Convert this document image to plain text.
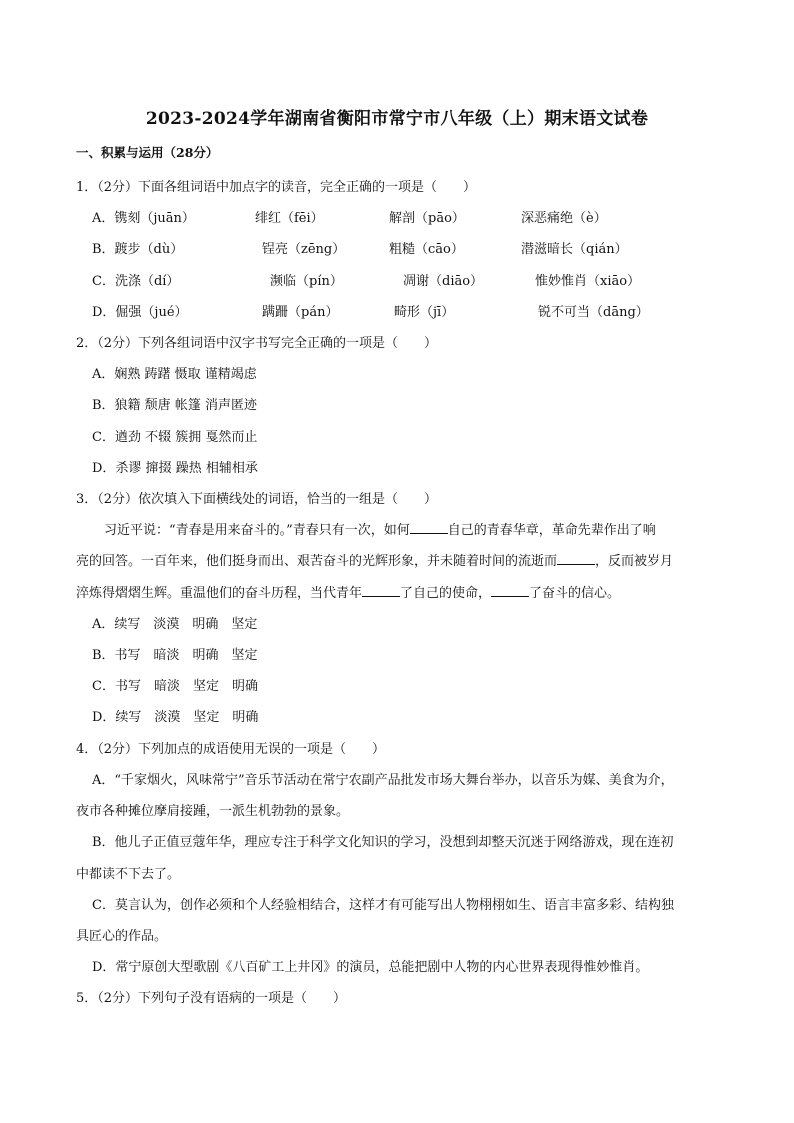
2023-2024学年湖南省衡阳市常宁市八年级（上）期末语文试卷
一、积累与运用（28分）
1．（2分）下面各组词语中加点字的读音，完全正确的一项是（　　）
A．镌刻（juān）	绯红（fēi）	解剖（pāo）	深恶痛绝（è）
B．踱步（dù）	锃亮（zēng）	粗糙（cāo）	潜滋暗长（qián）
C．洗涤（dí）	濒临（pín）	凋谢（diāo）	惟妙惟肖（xiāo）
D．倔强（jué）	蹒跚（pán）	畸形（jī）	锐不可当（dāng）
2．（2分）下列各组词语中汉字书写完全正确的一项是（　　）
A．娴熟 踌躇 慑取 谨精竭虑
B．狼籍 颓唐 帐篷 消声匿迹
C．遒劲 不辍 簇拥 戛然而止
D．杀谬 撺掇 躁热 相辅相承
3．（2分）依次填入下面横线处的词语，恰当的一组是（　　）
习近平说：“青春是用来奋斗的。”青春只有一次，如何	自己的青春华章，革命先辈作出了响
亮的回答。一百年来，他们挺身而出、艰苦奋斗的光辉形象，并未随着时间的流逝而	，反而被岁月
淬炼得熠熠生辉。重温他们的奋斗历程，当代青年	了自己的使命，	了奋斗的信心。
A．续写　淡漠　明确　坚定
B．书写　暗淡　明确　坚定
C．书写　暗淡　坚定　明确
D．续写　淡漠　坚定　明确
4．（2分）下列加点的成语使用无误的一项是（　　）
A．“千家烟火，风味常宁”音乐节活动在常宁农副产品批发市场大舞台举办，以音乐为媒、美食为介，
夜市各种摊位摩肩接踵，一派生机勃勃的景象。
B．他儿子正值豆蔻年华，理应专注于科学文化知识的学习，没想到却整天沉迷于网络游戏，现在连初
中都读不下去了。
C．莫言认为，创作必须和个人经验相结合，这样才有可能写出人物栩栩如生、语言丰富多彩、结构独
具匠心的作品。
D．常宁原创大型歌剧《八百矿工上井冈》的演员，总能把剧中人物的内心世界表现得惟妙惟肖。
5．（2分）下列句子没有语病的一项是（　　）
